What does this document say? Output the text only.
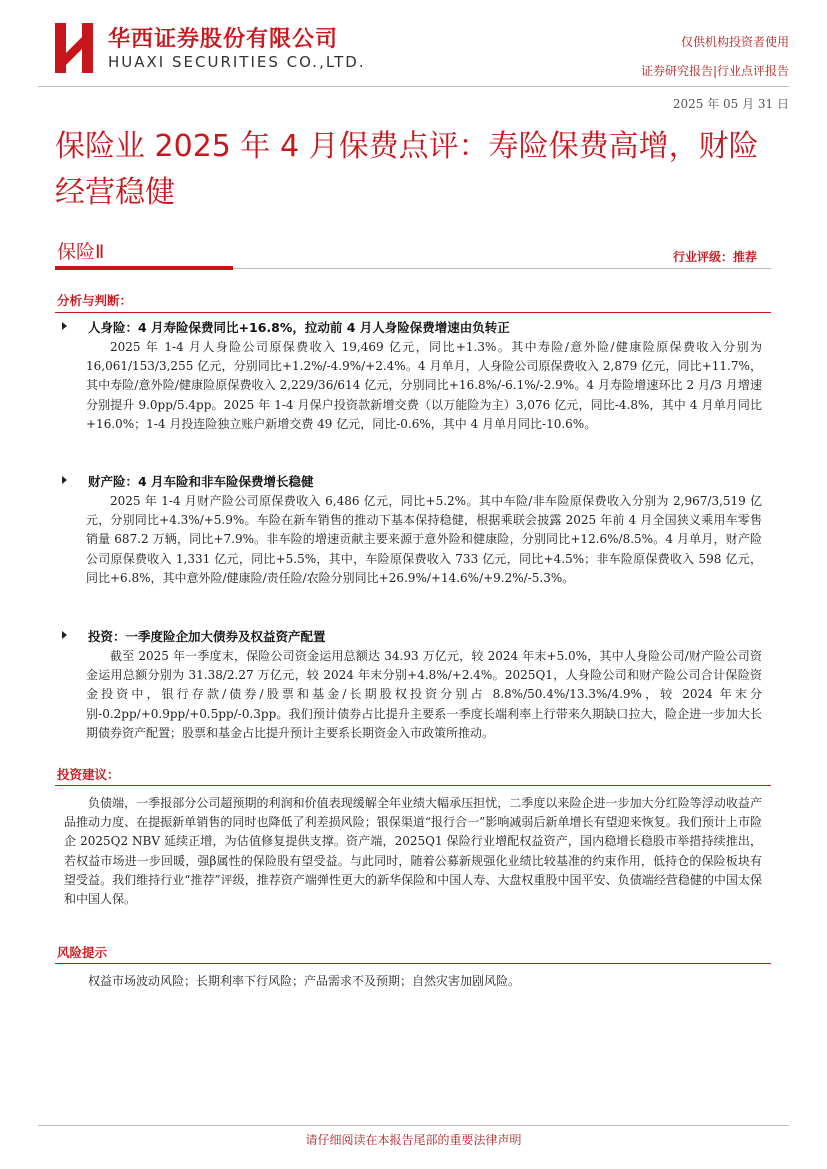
华西证券股份有限公司
HUAXI SECURITIES CO.,LTD.
仅供机构投资者使用
证券研究报告|行业点评报告
2025 年 05 月 31 日
保险业 2025 年 4 月保费点评：寿险保费高增，财险经营稳健
保险Ⅱ	行业评级：推荐
分析与判断：
人身险：4 月寿险保费同比+16.8%，拉动前 4 月人身险保费增速由负转正
2025 年 1-4 月人身险公司原保费收入 19,469 亿元，同比+1.3%。其中寿险/意外险/健康险原保费收入分别为 16,061/153/3,255 亿元，分别同比+1.2%/-4.9%/+2.4%。4 月单月，人身险公司原保费收入 2,879 亿元，同比+11.7%，其中寿险/意外险/健康险原保费收入 2,229/36/614 亿元，分别同比+16.8%/-6.1%/-2.9%。4 月寿险增速环比 2 月/3 月增速分别提升 9.0pp/5.4pp。2025 年 1-4 月保户投资款新增交费（以万能险为主）3,076 亿元，同比-4.8%，其中 4 月单月同比+16.0%；1-4 月投连险独立账户新增交费 49 亿元，同比-0.6%，其中 4 月单月同比-10.6%。
财产险：4 月车险和非车险保费增长稳健
2025 年 1-4 月财产险公司原保费收入 6,486 亿元，同比+5.2%。其中车险/非车险原保费收入分别为 2,967/3,519 亿元，分别同比+4.3%/+5.9%。车险在新车销售的推动下基本保持稳健，根据乘联会披露 2025 年前 4 月全国狭义乘用车零售销量 687.2 万辆，同比+7.9%。非车险的增速贡献主要来源于意外险和健康险，分别同比+12.6%/8.5%。4 月单月，财产险公司原保费收入 1,331 亿元，同比+5.5%，其中，车险原保费收入 733 亿元，同比+4.5%；非车险原保费收入 598 亿元，同比+6.8%，其中意外险/健康险/责任险/农险分别同比+26.9%/+14.6%/+9.2%/-5.3%。
投资：一季度险企加大债券及权益资产配置
截至 2025 年一季度末，保险公司资金运用总额达 34.93 万亿元，较 2024 年末+5.0%，其中人身险公司/财产险公司资金运用总额分别为 31.38/2.27 万亿元，较 2024 年末分别+4.8%/+2.4%。2025Q1，人身险公司和财产险公司合计保险资金投资中，银行存款/债券/股票和基金/长期股权投资分别占 8.8%/50.4%/13.3%/4.9%，较 2024 年末分别-0.2pp/+0.9pp/+0.5pp/-0.3pp。我们预计债券占比提升主要系一季度长端利率上行带来久期缺口拉大，险企进一步加大长期债券资产配置；股票和基金占比提升预计主要系长期资金入市政策所推动。
投资建议：
负债端，一季报部分公司超预期的利润和价值表现缓解全年业绩大幅承压担忧，二季度以来险企进一步加大分红险等浮动收益产品推动力度、在提振新单销售的同时也降低了利差损风险；银保渠道“报行合一”影响减弱后新单增长有望迎来恢复。我们预计上市险企 2025Q2 NBV 延续正增，为估值修复提供支撑。资产端，2025Q1 保险行业增配权益资产，国内稳增长稳股市举措持续推出，若权益市场进一步回暖，强β属性的保险股有望受益。与此同时，随着公募新规强化业绩比较基准的约束作用，低持仓的保险板块有望受益。我们维持行业“推荐”评级，推荐资产端弹性更大的新华保险和中国人寿、大盘权重股中国平安、负债端经营稳健的中国太保和中国人保。
风险提示
权益市场波动风险；长期利率下行风险；产品需求不及预期；自然灾害加剧风险。
请仔细阅读在本报告尾部的重要法律声明
